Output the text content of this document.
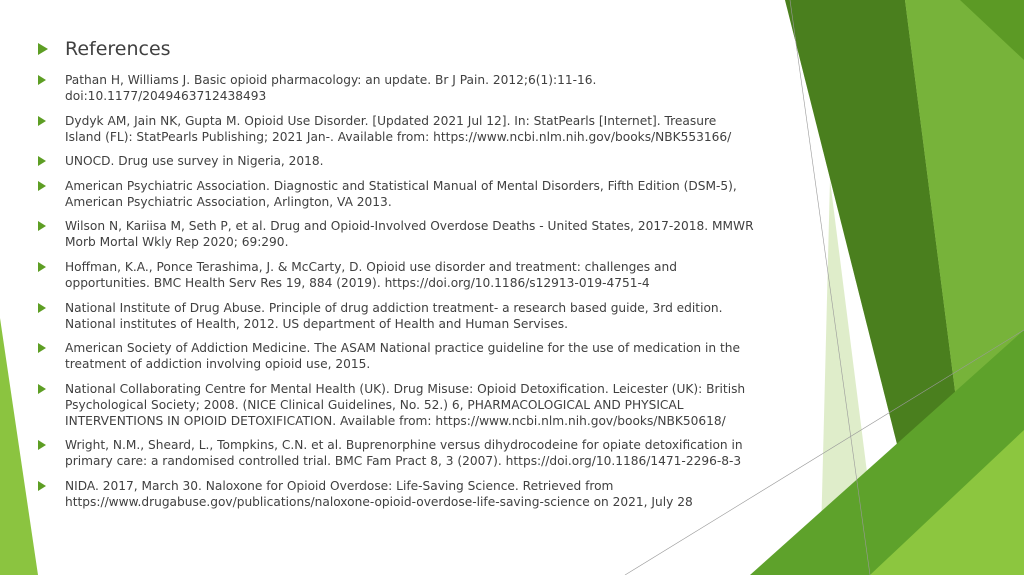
References
Pathan H, Williams J. Basic opioid pharmacology: an update. Br J Pain. 2012;6(1):11-16. doi:10.1177/2049463712438493
Dydyk AM, Jain NK, Gupta M. Opioid Use Disorder. [Updated 2021 Jul 12]. In: StatPearls [Internet]. Treasure Island (FL): StatPearls Publishing; 2021 Jan-. Available from: https://www.ncbi.nlm.nih.gov/books/NBK553166/
UNOCD. Drug use survey in Nigeria, 2018.
American Psychiatric Association. Diagnostic and Statistical Manual of Mental Disorders, Fifth Edition (DSM-5), American Psychiatric Association, Arlington, VA 2013.
Wilson N, Kariisa M, Seth P, et al. Drug and Opioid-Involved Overdose Deaths - United States, 2017-2018. MMWR Morb Mortal Wkly Rep 2020; 69:290.
Hoffman, K.A., Ponce Terashima, J. & McCarty, D. Opioid use disorder and treatment: challenges and opportunities. BMC Health Serv Res 19, 884 (2019). https://doi.org/10.1186/s12913-019-4751-4
National Institute of Drug Abuse. Principle of drug addiction treatment- a research based guide, 3rd edition. National institutes of Health, 2012. US department of Health and Human Servises.
American Society of Addiction Medicine. The ASAM National practice guideline for the use of medication in the treatment of addiction involving opioid use, 2015.
National Collaborating Centre for Mental Health (UK). Drug Misuse: Opioid Detoxification. Leicester (UK): British Psychological Society; 2008. (NICE Clinical Guidelines, No. 52.) 6, PHARMACOLOGICAL AND PHYSICAL INTERVENTIONS IN OPIOID DETOXIFICATION. Available from: https://www.ncbi.nlm.nih.gov/books/NBK50618/
Wright, N.M., Sheard, L., Tompkins, C.N. et al. Buprenorphine versus dihydrocodeine for opiate detoxification in primary care: a randomised controlled trial. BMC Fam Pract 8, 3 (2007). https://doi.org/10.1186/1471-2296-8-3
NIDA. 2017, March 30. Naloxone for Opioid Overdose: Life-Saving Science. Retrieved from https://www.drugabuse.gov/publications/naloxone-opioid-overdose-life-saving-science on 2021, July 28
